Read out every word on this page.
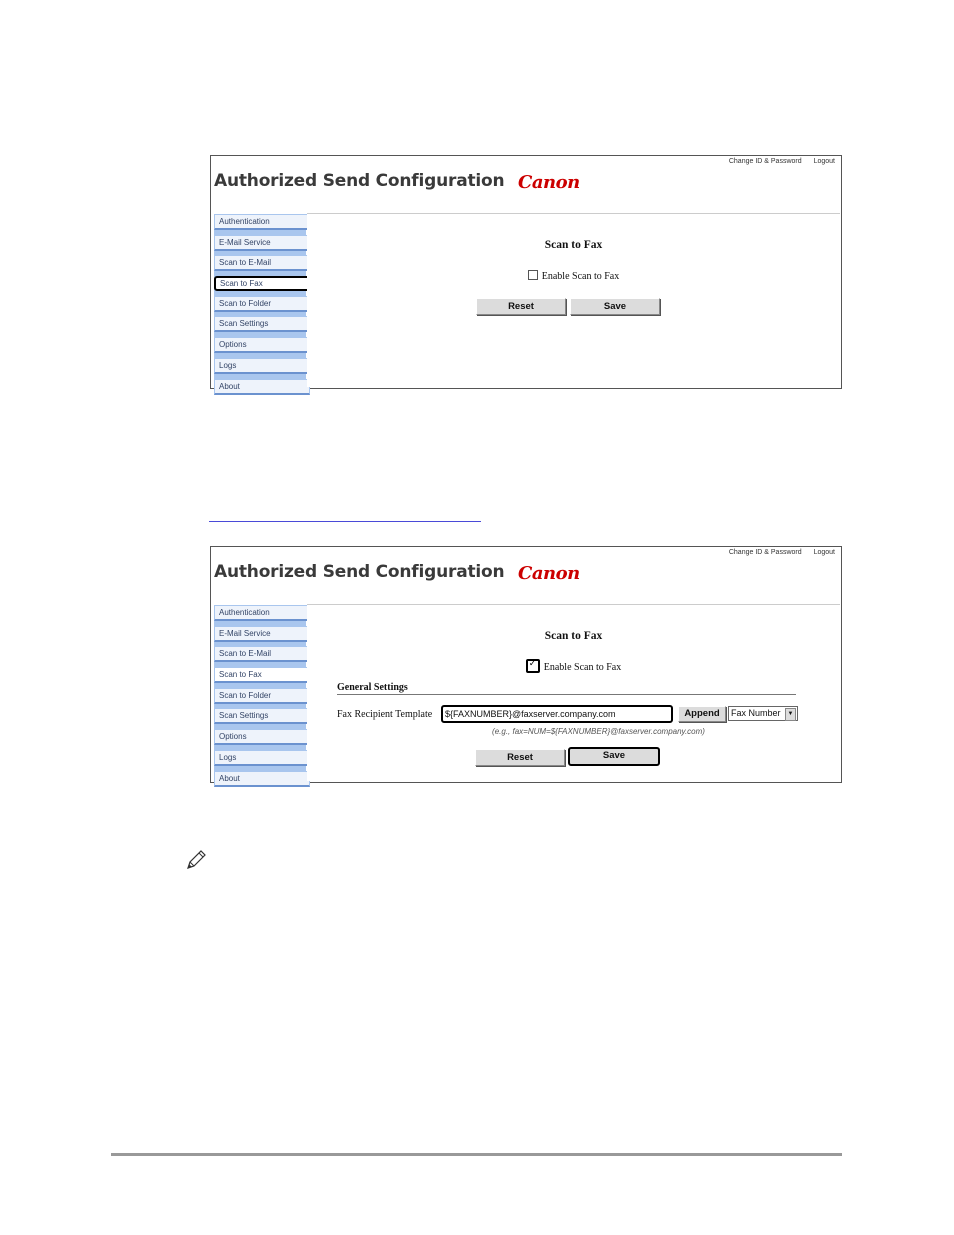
Change ID & Password Logout
Authorized Send Configuration Canon
Authentication
E-Mail Service
Scan to E-Mail
Scan to Fax
Scan to Folder
Scan Settings
Options
Logs
About
Scan to Fax
Enable Scan to Fax
Reset	Save
Change ID & Password Logout
Authorized Send Configuration Canon
Authentication
E-Mail Service
Scan to E-Mail
Scan to Fax
Scan to Folder
Scan Settings
Options
Logs
About
Scan to Fax
✓Enable Scan to Fax
General Settings
Fax Recipient Template	${FAXNUMBER}@faxserver.company.com	Append	Fax Number	▼
(e.g., fax=NUM=${FAXNUMBER}@faxserver.company.com)
Reset	Save
